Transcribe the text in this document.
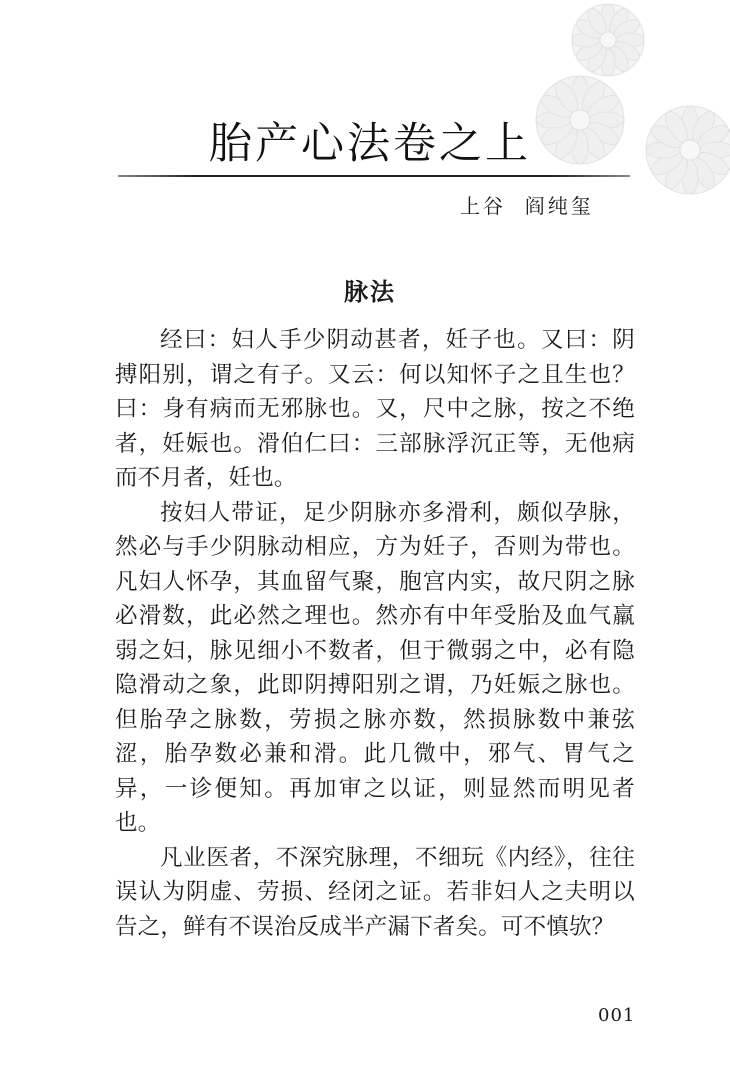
胎产心法卷之上
上谷  阎纯玺
脉法

经曰：妇人手少阴动甚者，妊子也。又曰：阴搏阳别，谓之有子。又云：何以知怀子之且生也？曰：身有病而无邪脉也。又，尺中之脉，按之不绝者，妊娠也。滑伯仁曰：三部脉浮沉正等，无他病而不月者，妊也。

按妇人带证，足少阴脉亦多滑利，颇似孕脉，然必与手少阴脉动相应，方为妊子，否则为带也。凡妇人怀孕，其血留气聚，胞宫内实，故尺阴之脉必滑数，此必然之理也。然亦有中年受胎及血气羸弱之妇，脉见细小不数者，但于微弱之中，必有隐隐滑动之象，此即阴搏阳别之谓，乃妊娠之脉也。但胎孕之脉数，劳损之脉亦数，然损脉数中兼弦涩，胎孕数必兼和滑。此几微中，邪气、胃气之异，一诊便知。再加审之以证，则显然而明见者也。

凡业医者，不深究脉理，不细玩《内经》，往往误认为阴虚、劳损、经闭之证。若非妇人之夫明以告之，鲜有不误治反成半产漏下者矣。可不慎欤？

001
